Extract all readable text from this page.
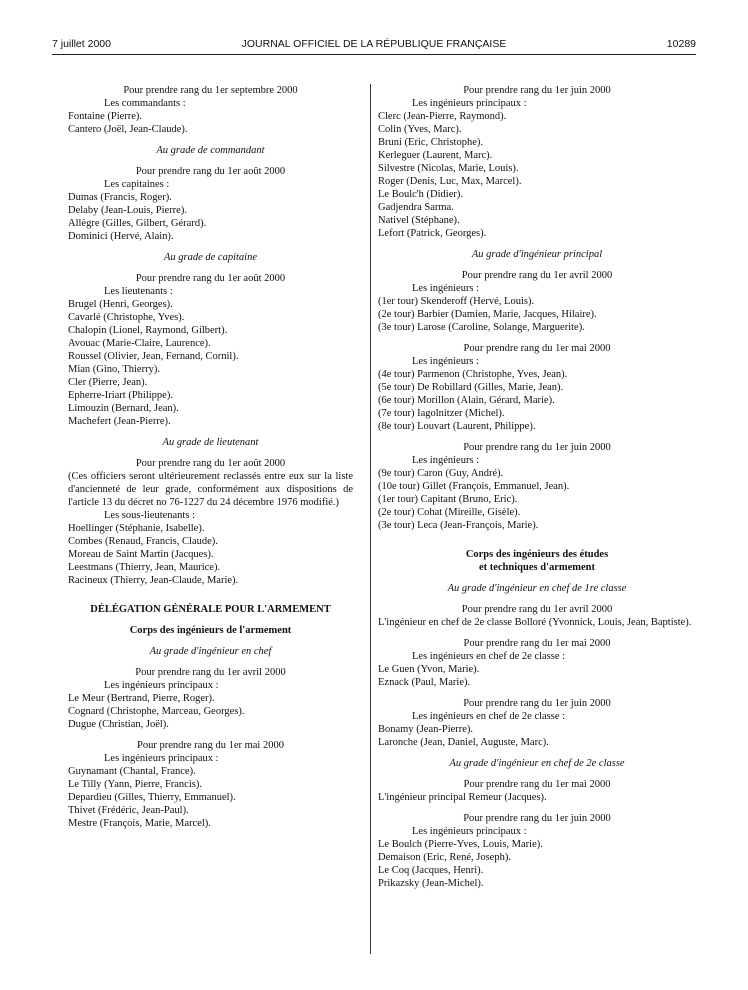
7 juillet 2000	JOURNAL OFFICIEL DE LA RÉPUBLIQUE FRANÇAISE	10289
Pour prendre rang du 1er septembre 2000
Les commandants :
Fontaine (Pierre).
Cantero (Joël, Jean-Claude).
Au grade de commandant
Pour prendre rang du 1er août 2000
Les capitaines :
Dumas (Francis, Roger).
Delaby (Jean-Louis, Pierre).
Allègre (Gilles, Gilbert, Gérard).
Dominici (Hervé, Alain).
Au grade de capitaine
Pour prendre rang du 1er août 2000
Les lieutenants :
Brugel (Henri, Georges).
Cavarlé (Christophe, Yves).
Chalopin (Lionel, Raymond, Gilbert).
Avouac (Marie-Claire, Laurence).
Roussel (Olivier, Jean, Fernand, Cornil).
Mian (Gino, Thierry).
Cler (Pierre, Jean).
Epherre-Iriart (Philippe).
Limouzin (Bernard, Jean).
Machefert (Jean-Pierre).
Au grade de lieutenant
Pour prendre rang du 1er août 2000
(Ces officiers seront ultérieurement reclassés entre eux sur la liste d'ancienneté de leur grade, conformément aux dispositions de l'article 13 du décret no 76-1227 du 24 décembre 1976 modifié.)
Les sous-lieutenants :
Hoellinger (Stéphanie, Isabelle).
Combes (Renaud, Francis, Claude).
Moreau de Saint Martin (Jacques).
Leestmans (Thierry, Jean, Maurice).
Racineux (Thierry, Jean-Claude, Marie).
DÉLÉGATION GÉNÉRALE POUR L'ARMEMENT
Corps des ingénieurs de l'armement
Au grade d'ingénieur en chef
Pour prendre rang du 1er avril 2000
Les ingénieurs principaux :
Le Meur (Bertrand, Pierre, Roger).
Cognard (Christophe, Marceau, Georges).
Dugue (Christian, Joël).
Pour prendre rang du 1er mai 2000
Les ingénieurs principaux :
Guynamant (Chantal, France).
Le Tilly (Yann, Pierre, Francis).
Depardieu (Gilles, Thierry, Emmanuel).
Thivet (Frédéric, Jean-Paul).
Mestre (François, Marie, Marcel).
Pour prendre rang du 1er juin 2000
Les ingénieurs principaux :
Clerc (Jean-Pierre, Raymond).
Colin (Yves, Marc).
Bruni (Eric, Christophe).
Kerleguer (Laurent, Marc).
Silvestre (Nicolas, Marie, Louis).
Roger (Denis, Luc, Max, Marcel).
Le Boulc'h (Didier).
Gadjendra Sarma.
Nativel (Stéphane).
Lefort (Patrick, Georges).
Au grade d'ingénieur principal
Pour prendre rang du 1er avril 2000
Les ingénieurs :
(1er tour) Skenderoff (Hervé, Louis).
(2e tour) Barbier (Damien, Marie, Jacques, Hilaire).
(3e tour) Larose (Caroline, Solange, Marguerite).
Pour prendre rang du 1er mai 2000
Les ingénieurs :
(4e tour) Parmenon (Christophe, Yves, Jean).
(5e tour) De Robillard (Gilles, Marie, Jean).
(6e tour) Morillon (Alain, Gérard, Marie).
(7e tour) Iagolnitzer (Michel).
(8e tour) Louvart (Laurent, Philippe).
Pour prendre rang du 1er juin 2000
Les ingénieurs :
(9e tour) Caron (Guy, André).
(10e tour) Gillet (François, Emmanuel, Jean).
(1er tour) Capitant (Bruno, Eric).
(2e tour) Cohat (Mireille, Gisèle).
(3e tour) Leca (Jean-François, Marie).
Corps des ingénieurs des études
et techniques d'armement
Au grade d'ingénieur en chef de 1re classe
Pour prendre rang du 1er avril 2000
L'ingénieur en chef de 2e classe Bolloré (Yvonnick, Louis, Jean, Baptiste).
Pour prendre rang du 1er mai 2000
Les ingénieurs en chef de 2e classe :
Le Guen (Yvon, Marie).
Eznack (Paul, Marie).
Pour prendre rang du 1er juin 2000
Les ingénieurs en chef de 2e classe :
Bonamy (Jean-Pierre).
Laronche (Jean, Daniel, Auguste, Marc).
Au grade d'ingénieur en chef de 2e classe
Pour prendre rang du 1er mai 2000
L'ingénieur principal Remeur (Jacques).
Pour prendre rang du 1er juin 2000
Les ingénieurs principaux :
Le Boulch (Pierre-Yves, Louis, Marie).
Demaison (Eric, René, Joseph).
Le Coq (Jacques, Henri).
Prikazsky (Jean-Michel).
